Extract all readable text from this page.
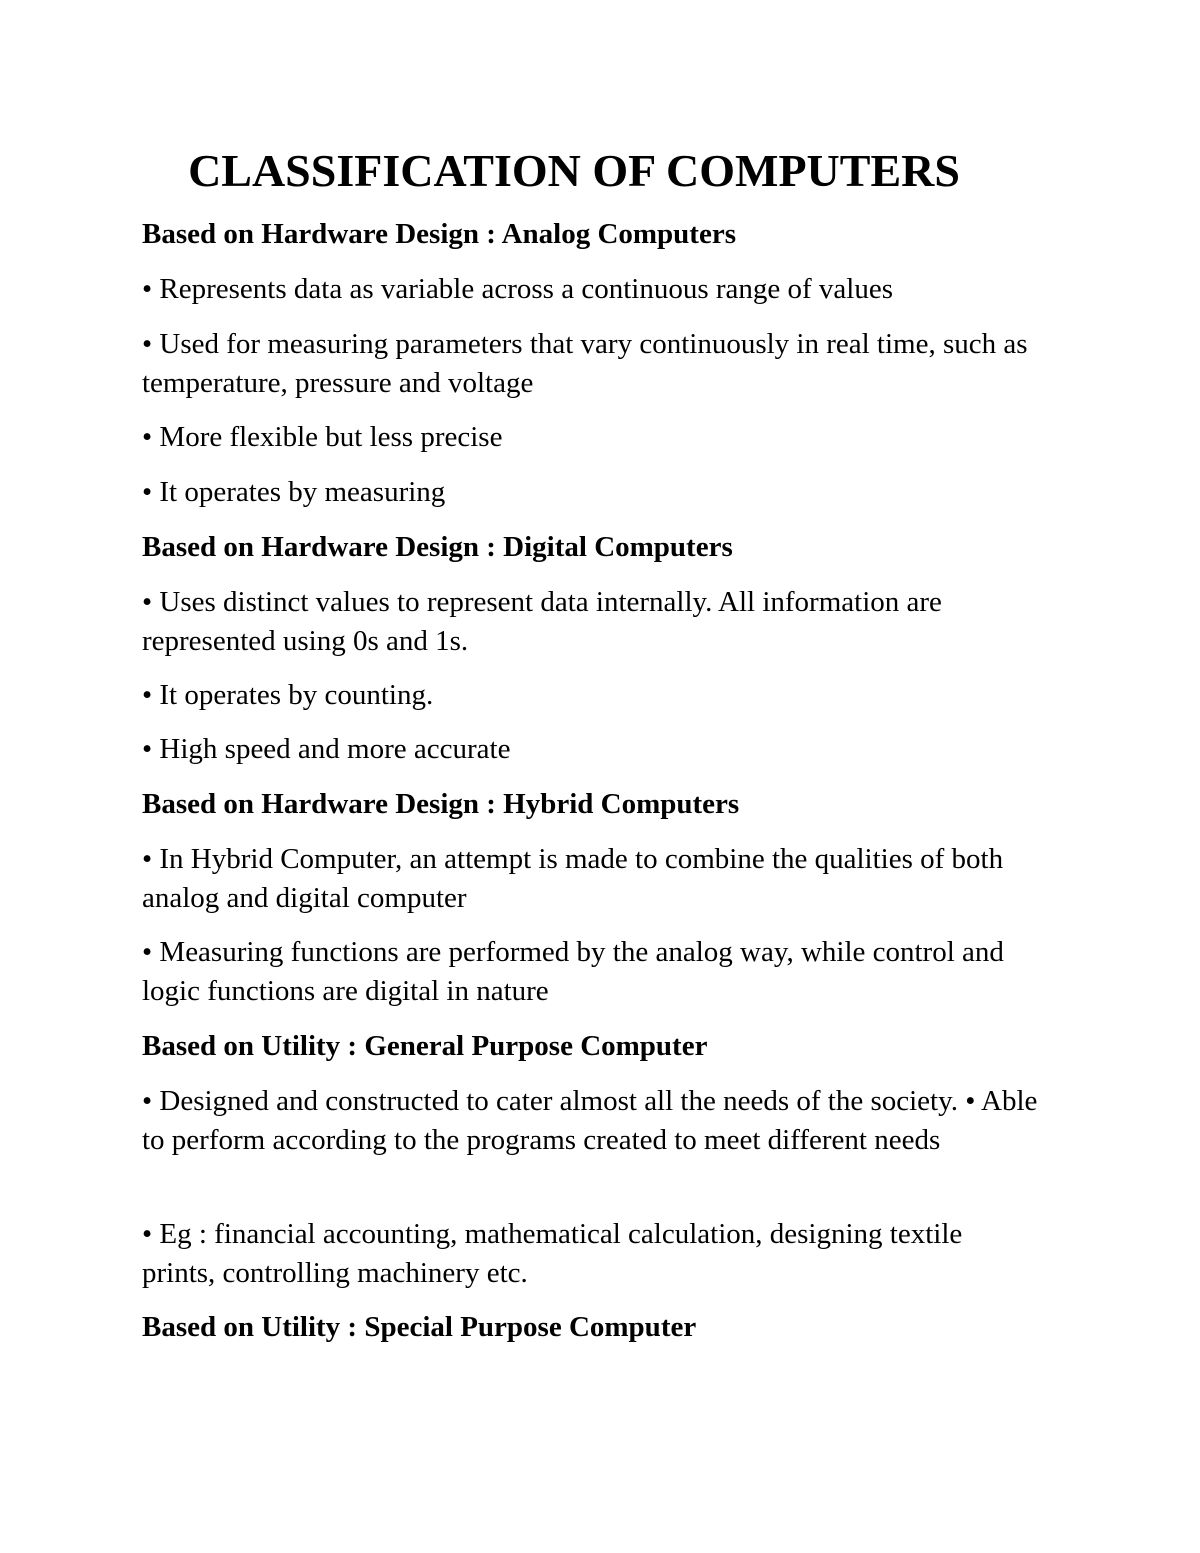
CLASSIFICATION OF COMPUTERS

Based on Hardware Design : Analog Computers

• Represents data as variable across a continuous range of values

• Used for measuring parameters that vary continuously in real time, such as temperature, pressure and voltage

• More flexible but less precise

• It operates by measuring

Based on Hardware Design : Digital Computers

• Uses distinct values to represent data internally. All information are represented using 0s and 1s.

• It operates by counting.

• High speed and more accurate

Based on Hardware Design : Hybrid Computers

• In Hybrid Computer, an attempt is made to combine the qualities of both analog and digital computer

• Measuring functions are performed by the analog way, while control and logic functions are digital in nature

Based on Utility : General Purpose Computer

• Designed and constructed to cater almost all the needs of the society. • Able to perform according to the programs created to meet different needs

• Eg : financial accounting, mathematical calculation, designing textile prints, controlling machinery etc.

Based on Utility : Special Purpose Computer
